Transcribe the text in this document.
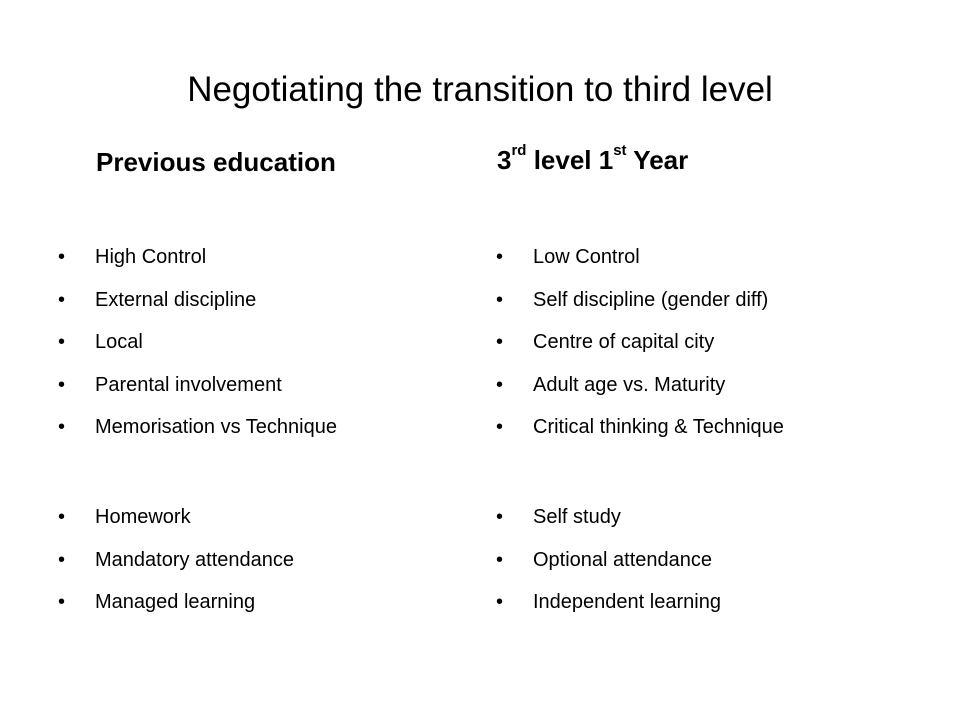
Negotiating the transition to third level
Previous education	3rd level 1st Year
• High Control
• External discipline
• Local
• Parental involvement
• Memorisation vs Technique
• Homework
• Mandatory attendance
• Managed learning
• Low Control
• Self discipline (gender diff)
• Centre of capital city
• Adult age vs. Maturity
• Critical thinking & Technique
• Self study
• Optional attendance
• Independent learning
